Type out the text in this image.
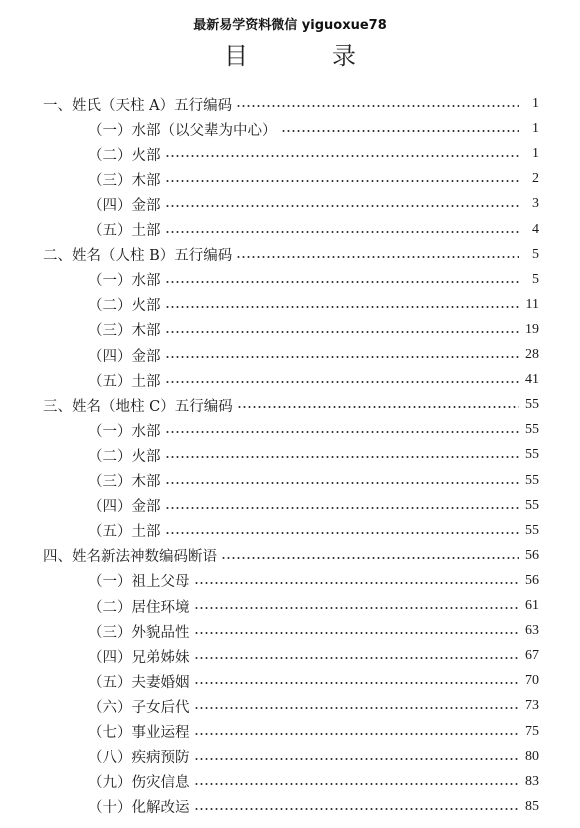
最新易学资料微信 yiguoxue78
目录
一、姓氏（天柱 A）五行编码	1
（一）水部（以父辈为中心）	1
（二）火部	1
（三）木部	2
（四）金部	3
（五）土部	4
二、姓名（人柱 B）五行编码	5
（一）水部	5
（二）火部	11
（三）木部	19
（四）金部	28
（五）土部	41
三、姓名（地柱 C）五行编码	55
（一）水部	55
（二）火部	55
（三）木部	55
（四）金部	55
（五）土部	55
四、姓名新法神数编码断语	56
（一）祖上父母	56
（二）居住环境	61
（三）外貌品性	63
（四）兄弟姊妹	67
（五）夫妻婚姻	70
（六）子女后代	73
（七）事业运程	75
（八）疾病预防	80
（九）伤灾信息	83
（十）化解改运	85
